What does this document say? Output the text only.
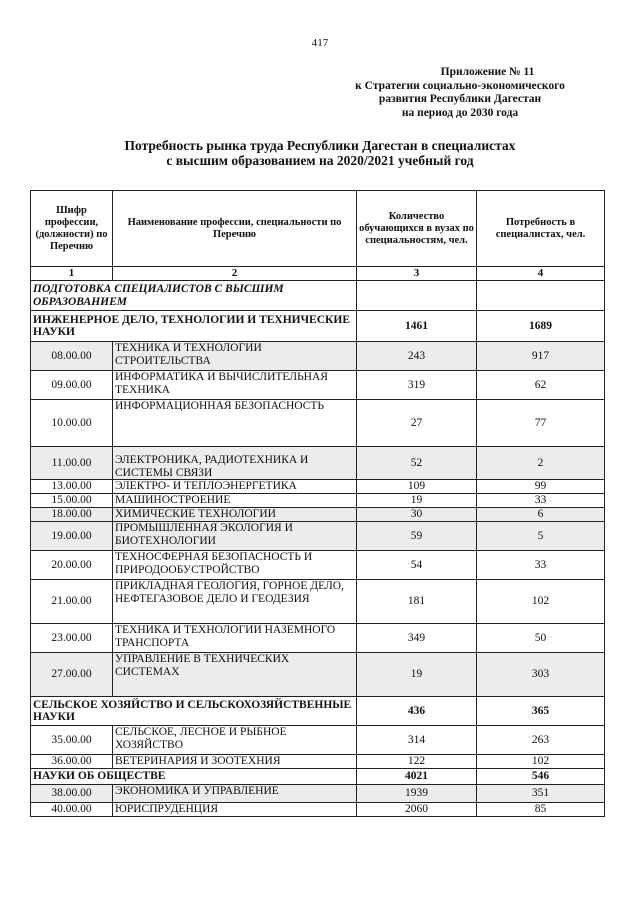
417
Приложение № 11
к Стратегии социально-экономического
развития Республики Дагестан
на период до 2030 года
Потребность рынка труда Республики Дагестан в специалистах
с высшим образованием на 2020/2021 учебный год
Шифр профессии, (должности) по Перечню	Наименование профессии, специальности по Перечню	Количество обучающихся в вузах по специальностям, чел.	Потребность в специалистах, чел.
1	2	3	4
ПОДГОТОВКА СПЕЦИАЛИСТОВ С ВЫСШИМ ОБРАЗОВАНИЕМ			
ИНЖЕНЕРНОЕ ДЕЛО, ТЕХНОЛОГИИ И ТЕХНИЧЕСКИЕ НАУКИ		1461	1689
08.00.00	ТЕХНИКА И ТЕХНОЛОГИИ СТРОИТЕЛЬСТВА	243	917
09.00.00	ИНФОРМАТИКА И ВЫЧИСЛИТЕЛЬНАЯ ТЕХНИКА	319	62
10.00.00	ИНФОРМАЦИОННАЯ БЕЗОПАСНОСТЬ	27	77
11.00.00	ЭЛЕКТРОНИКА, РАДИОТЕХНИКА И СИСТЕМЫ СВЯЗИ	52	2
13.00.00	ЭЛЕКТРО- И ТЕПЛОЭНЕРГЕТИКА	109	99
15.00.00	МАШИНОСТРОЕНИЕ	19	33
18.00.00	ХИМИЧЕСКИЕ ТЕХНОЛОГИИ	30	6
19.00.00	ПРОМЫШЛЕННАЯ ЭКОЛОГИЯ И БИОТЕХНОЛОГИИ	59	5
20.00.00	ТЕХНОСФЕРНАЯ БЕЗОПАСНОСТЬ И ПРИРОДООБУСТРОЙСТВО	54	33
21.00.00	ПРИКЛАДНАЯ ГЕОЛОГИЯ, ГОРНОЕ ДЕЛО, НЕФТЕГАЗОВОЕ ДЕЛО И ГЕОДЕЗИЯ	181	102
23.00.00	ТЕХНИКА И ТЕХНОЛОГИИ НАЗЕМНОГО ТРАНСПОРТА	349	50
27.00.00	УПРАВЛЕНИЕ В ТЕХНИЧЕСКИХ СИСТЕМАХ	19	303
СЕЛЬСКОЕ ХОЗЯЙСТВО И СЕЛЬСКОХОЗЯЙСТВЕННЫЕ НАУКИ		436	365
35.00.00	СЕЛЬСКОЕ, ЛЕСНОЕ И РЫБНОЕ ХОЗЯЙСТВО	314	263
36.00.00	ВЕТЕРИНАРИЯ И ЗООТЕХНИЯ	122	102
НАУКИ ОБ ОБЩЕСТВЕ		4021	546
38.00.00	ЭКОНОМИКА И УПРАВЛЕНИЕ	1939	351
40.00.00	ЮРИСПРУДЕНЦИЯ	2060	85
